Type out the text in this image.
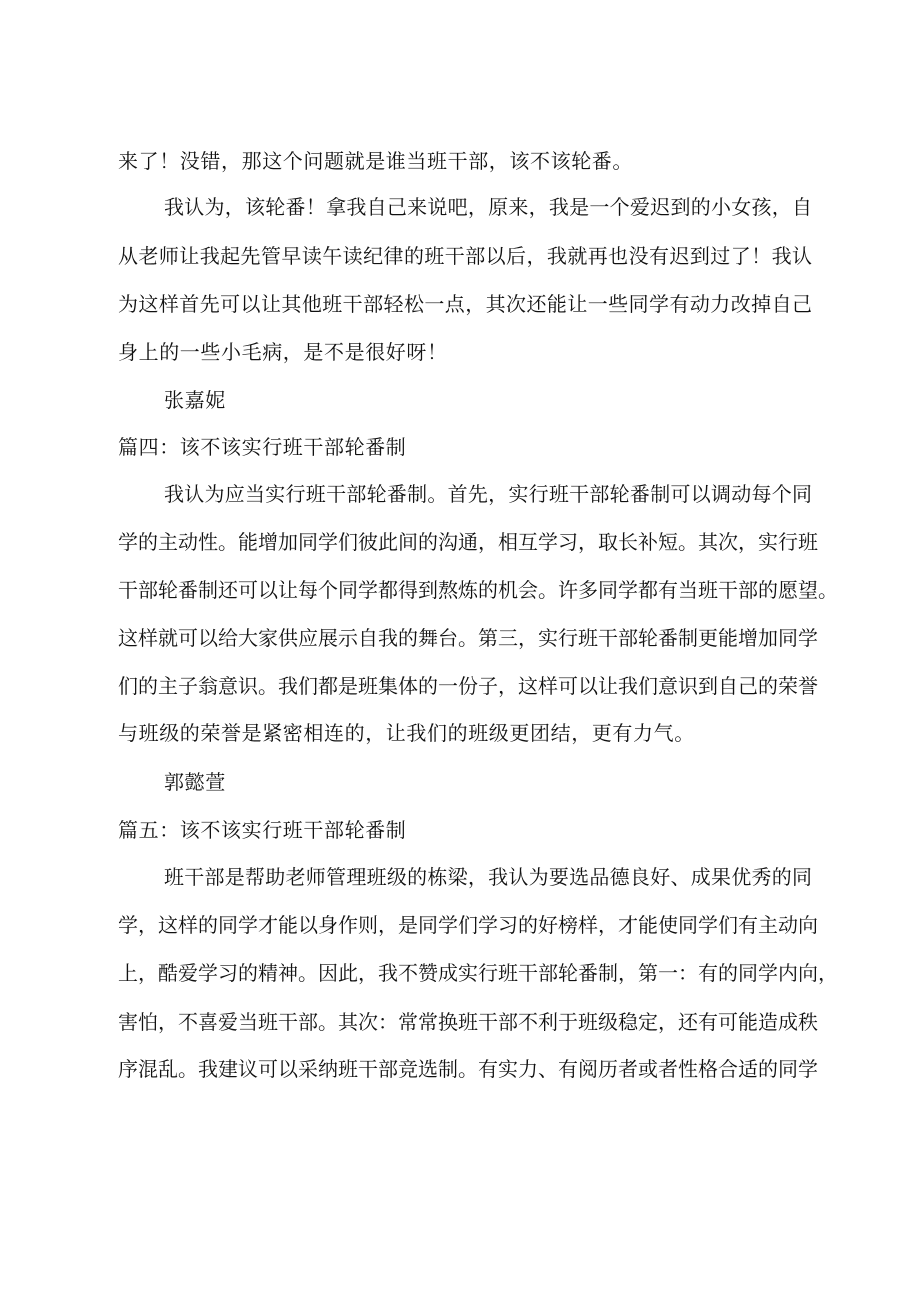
来了！没错，那这个问题就是谁当班干部，该不该轮番。
我认为，该轮番！拿我自己来说吧，原来，我是一个爱迟到的小女孩，自
从老师让我起先管早读午读纪律的班干部以后，我就再也没有迟到过了！我认
为这样首先可以让其他班干部轻松一点，其次还能让一些同学有动力改掉自己
身上的一些小毛病，是不是很好呀！
张嘉妮
篇四：该不该实行班干部轮番制
我认为应当实行班干部轮番制。首先，实行班干部轮番制可以调动每个同
学的主动性。能增加同学们彼此间的沟通，相互学习，取长补短。其次，实行班
干部轮番制还可以让每个同学都得到熬炼的机会。许多同学都有当班干部的愿望。
这样就可以给大家供应展示自我的舞台。第三，实行班干部轮番制更能增加同学
们的主子翁意识。我们都是班集体的一份子，这样可以让我们意识到自己的荣誉
与班级的荣誉是紧密相连的，让我们的班级更团结，更有力气。
郭懿萱
篇五：该不该实行班干部轮番制
班干部是帮助老师管理班级的栋梁，我认为要选品德良好、成果优秀的同
学，这样的同学才能以身作则，是同学们学习的好榜样，才能使同学们有主动向
上，酷爱学习的精神。因此，我不赞成实行班干部轮番制，第一：有的同学内向，
害怕，不喜爱当班干部。其次：常常换班干部不利于班级稳定，还有可能造成秩
序混乱。我建议可以采纳班干部竞选制。有实力、有阅历者或者性格合适的同学
